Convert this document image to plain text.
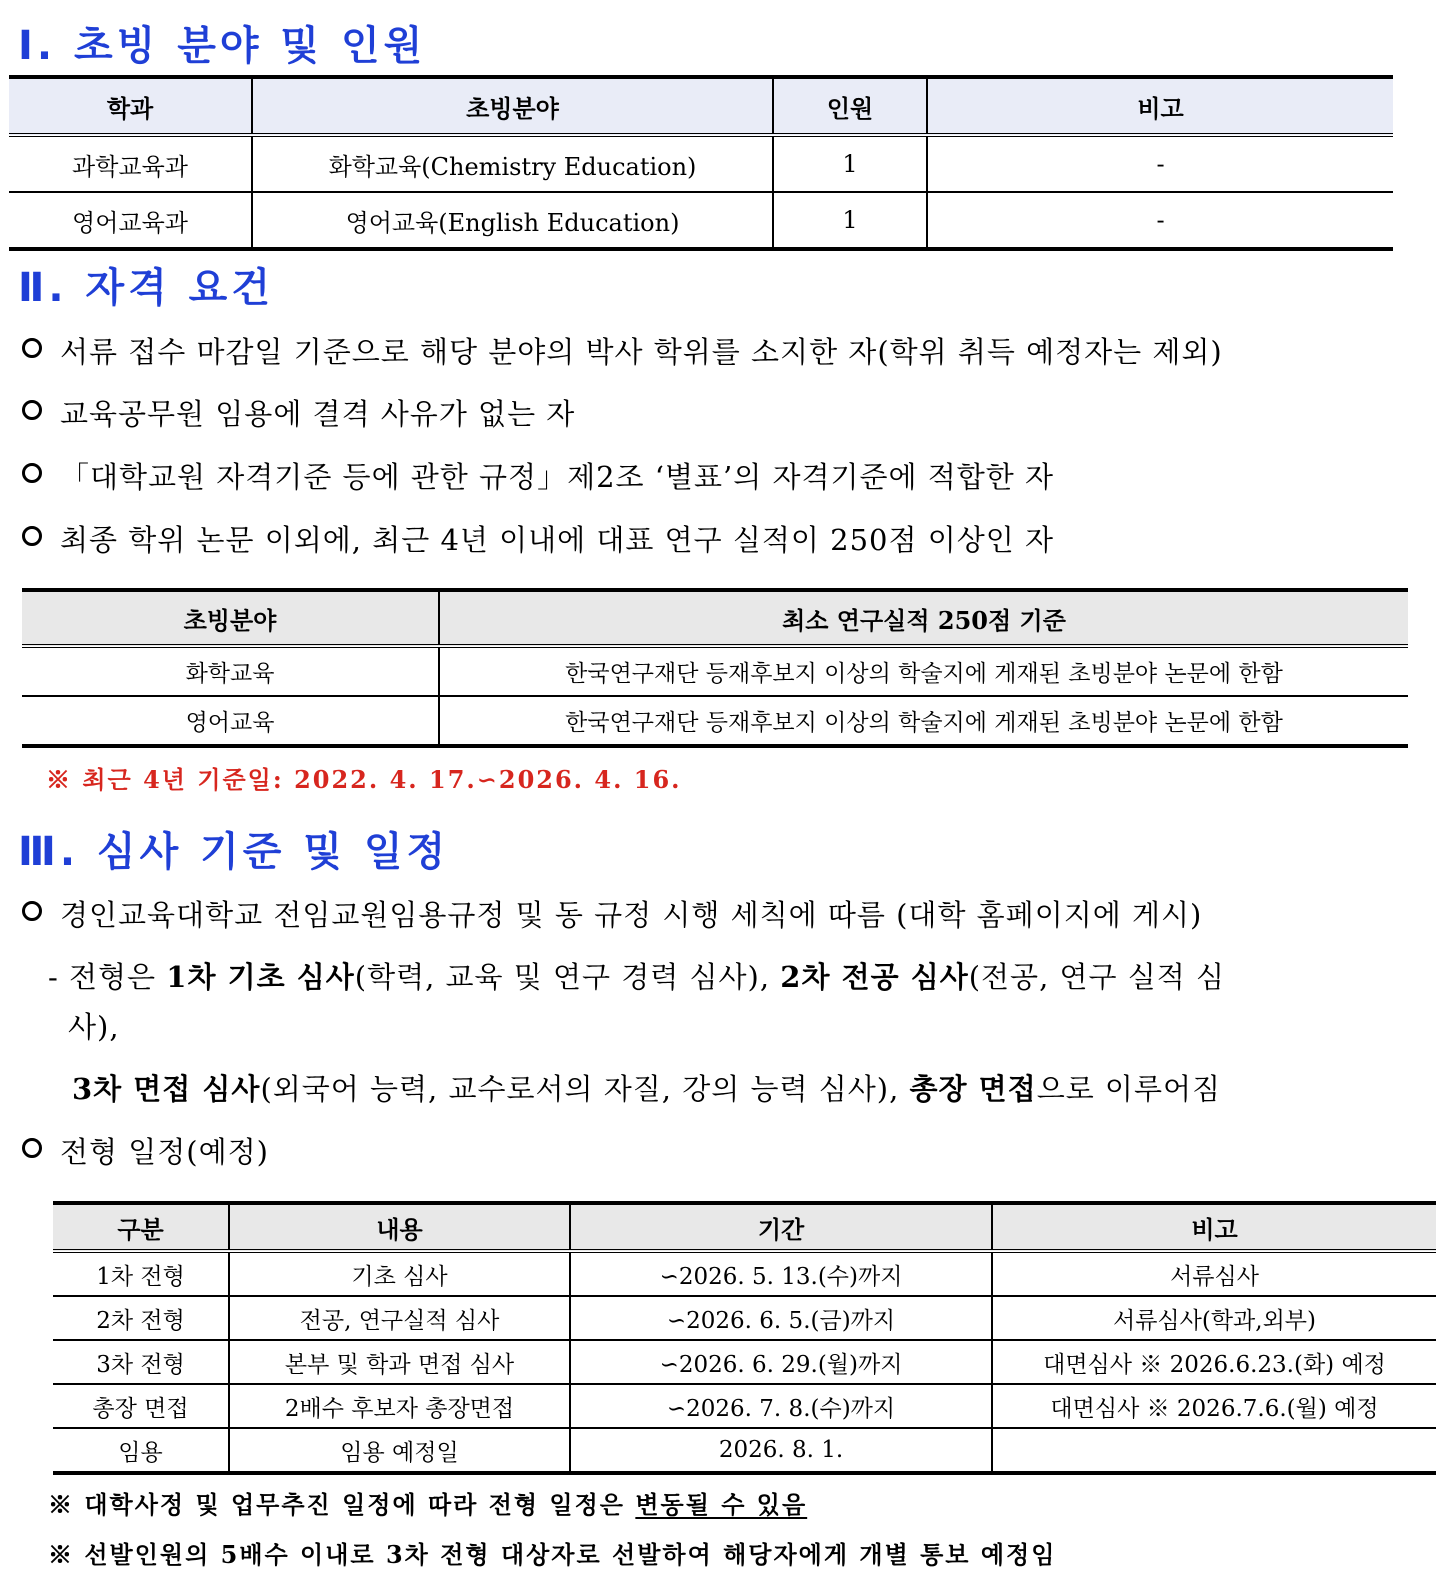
Ⅰ. 초빙 분야 및 인원
학과	초빙분야	인원	비고
과학교육과	화학교육(Chemistry Education)	1	-
영어교육과	영어교육(English Education)	1	-
Ⅱ. 자격 요건
서류 접수 마감일 기준으로 해당 분야의 박사 학위를 소지한 자(학위 취득 예정자는 제외)
교육공무원 임용에 결격 사유가 없는 자
「대학교원 자격기준 등에 관한 규정」제2조 ‘별표’의 자격기준에 적합한 자
최종 학위 논문 이외에, 최근 4년 이내에 대표 연구 실적이 250점 이상인 자
초빙분야	최소 연구실적 250점 기준
화학교육	한국연구재단 등재후보지 이상의 학술지에 게재된 초빙분야 논문에 한함
영어교육	한국연구재단 등재후보지 이상의 학술지에 게재된 초빙분야 논문에 한함
※ 최근 4년 기준일: 2022. 4. 17.∽2026. 4. 16.
Ⅲ. 심사 기준 및 일정
경인교육대학교 전임교원임용규정 및 동 규정 시행 세칙에 따름 (대학 홈페이지에 게시)
- 전형은 1차 기초 심사(학력, 교육 및 연구 경력 심사), 2차 전공 심사(전공, 연구 실적 심
사),
3차 면접 심사(외국어 능력, 교수로서의 자질, 강의 능력 심사), 총장 면접으로 이루어짐
전형 일정(예정)
구분	내용	기간	비고
1차 전형	기초 심사	∽2026. 5. 13.(수)까지	서류심사
2차 전형	전공, 연구실적 심사	∽2026. 6. 5.(금)까지	서류심사(학과,외부)
3차 전형	본부 및 학과 면접 심사	∽2026. 6. 29.(월)까지	대면심사 ※ 2026.6.23.(화) 예정
총장 면접	2배수 후보자 총장면접	∽2026. 7. 8.(수)까지	대면심사 ※ 2026.7.6.(월) 예정
임용	임용 예정일	2026. 8. 1.	
※ 대학사정 및 업무추진 일정에 따라 전형 일정은 변동될 수 있음
※ 선발인원의 5배수 이내로 3차 전형 대상자로 선발하여 해당자에게 개별 통보 예정임
